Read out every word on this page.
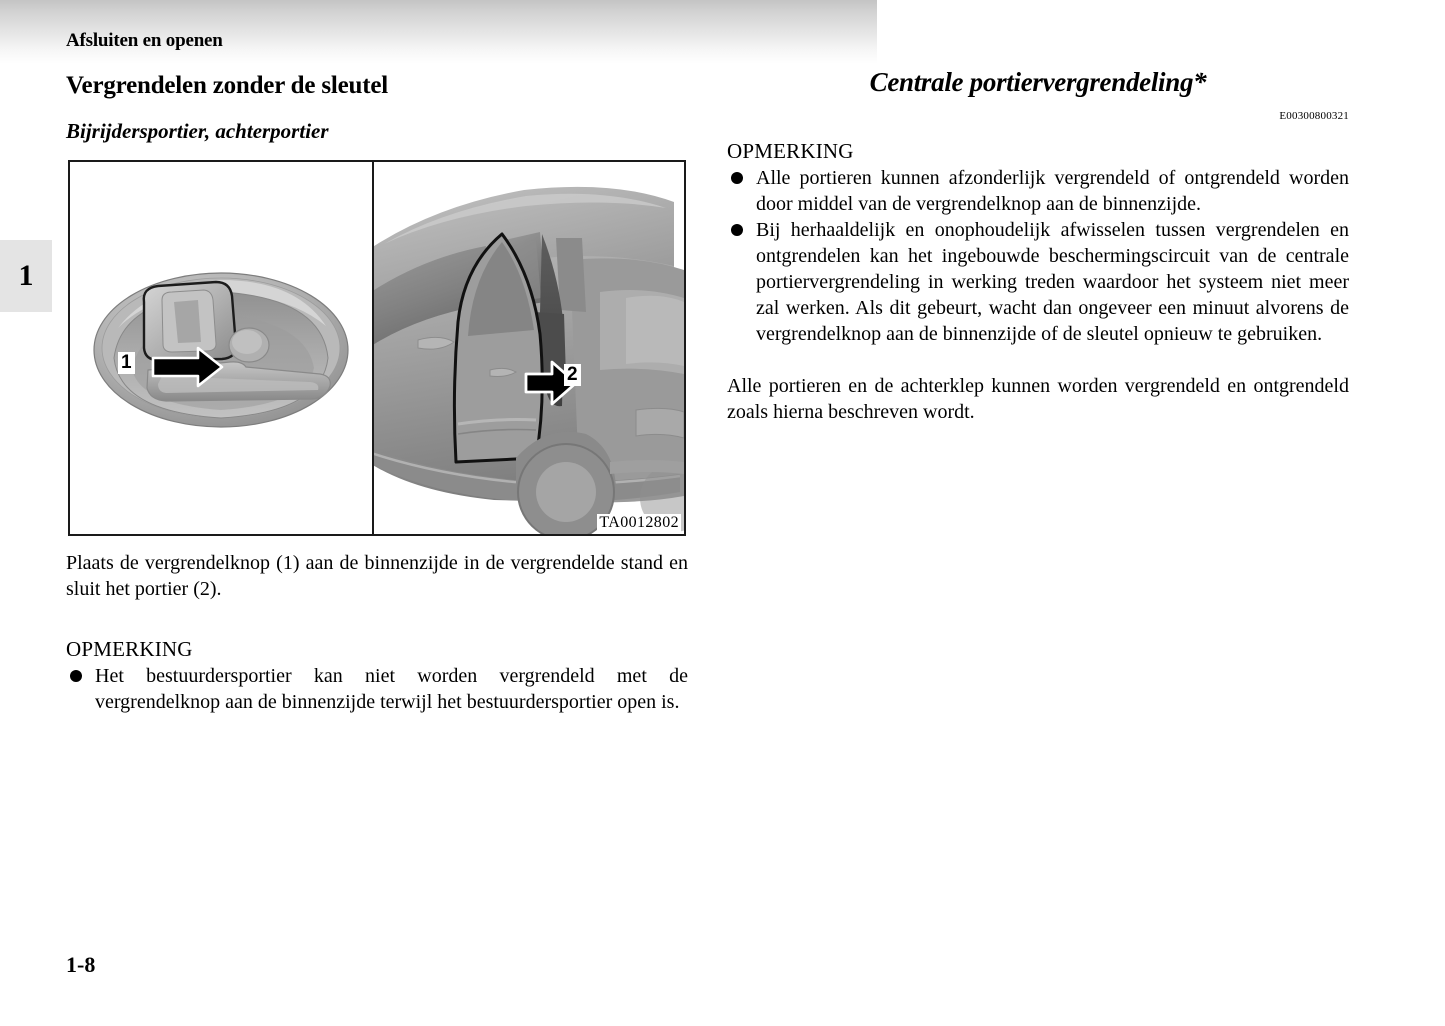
Afsluiten en openen
1
Vergrendelen zonder de sleutel
Bijrijdersportier, achterportier
1
2
TA0012802

Plaats de vergrendelknop (1) aan de binnenzijde in de vergrendelde stand en sluit het portier (2).

OPMERKING
Het bestuurdersportier kan niet worden vergrendeld met de vergrendelknop aan de binnenzijde terwijl het bestuurdersportier open is.
Centrale portiervergrendeling*
E00300800321
OPMERKING
Alle portieren kunnen afzonderlijk vergrendeld of ontgrendeld worden door middel van de vergrendelknop aan de binnenzijde.
Bij herhaaldelijk en onophoudelijk afwisselen tussen vergrendelen en ontgrendelen kan het ingebouwde beschermingscircuit van de centrale portiervergrendeling in werking treden waardoor het systeem niet meer zal werken. Als dit gebeurt, wacht dan ongeveer een minuut alvorens de vergrendelknop aan de binnenzijde of de sleutel opnieuw te gebruiken.

Alle portieren en de achterklep kunnen worden vergrendeld en ontgrendeld zoals hierna beschreven wordt.

1-8
